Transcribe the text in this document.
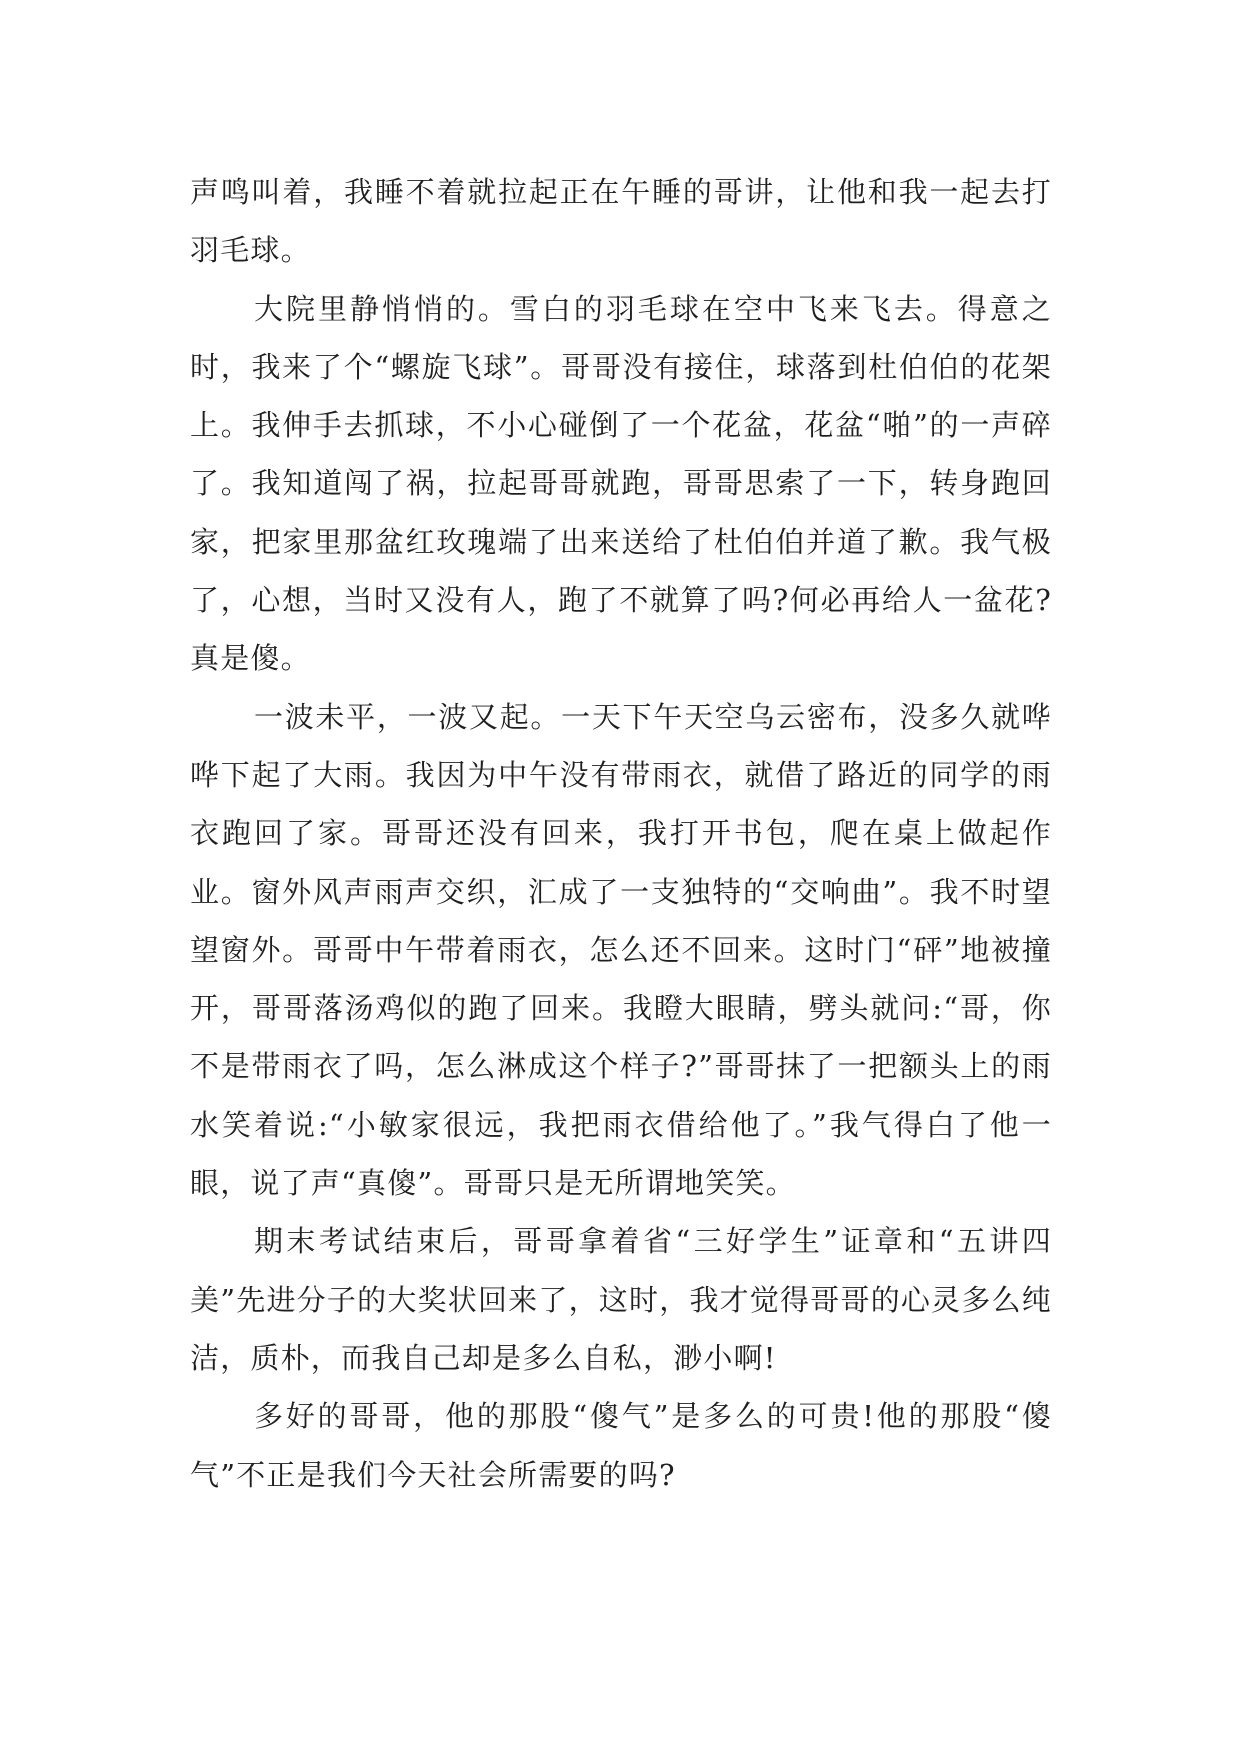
声鸣叫着，我睡不着就拉起正在午睡的哥讲，让他和我一起去打羽毛球。

大院里静悄悄的。雪白的羽毛球在空中飞来飞去。得意之时，我来了个“螺旋飞球”。哥哥没有接住，球落到杜伯伯的花架上。我伸手去抓球，不小心碰倒了一个花盆，花盆“啪”的一声碎了。我知道闯了祸，拉起哥哥就跑，哥哥思索了一下，转身跑回家，把家里那盆红玫瑰端了出来送给了杜伯伯并道了歉。我气极了，心想，当时又没有人，跑了不就算了吗?何必再给人一盆花?真是傻。

一波未平，一波又起。一天下午天空乌云密布，没多久就哗哗下起了大雨。我因为中午没有带雨衣，就借了路近的同学的雨衣跑回了家。哥哥还没有回来，我打开书包，爬在桌上做起作业。窗外风声雨声交织，汇成了一支独特的“交响曲”。我不时望望窗外。哥哥中午带着雨衣，怎么还不回来。这时门“砰”地被撞开，哥哥落汤鸡似的跑了回来。我瞪大眼睛，劈头就问:“哥，你不是带雨衣了吗，怎么淋成这个样子?”哥哥抹了一把额头上的雨水笑着说:“小敏家很远，我把雨衣借给他了。”我气得白了他一眼，说了声“真傻”。哥哥只是无所谓地笑笑。

期末考试结束后，哥哥拿着省“三好学生”证章和“五讲四美”先进分子的大奖状回来了，这时，我才觉得哥哥的心灵多么纯洁，质朴，而我自己却是多么自私，渺小啊!

多好的哥哥，他的那股“傻气”是多么的可贵!他的那股“傻气”不正是我们今天社会所需要的吗?
